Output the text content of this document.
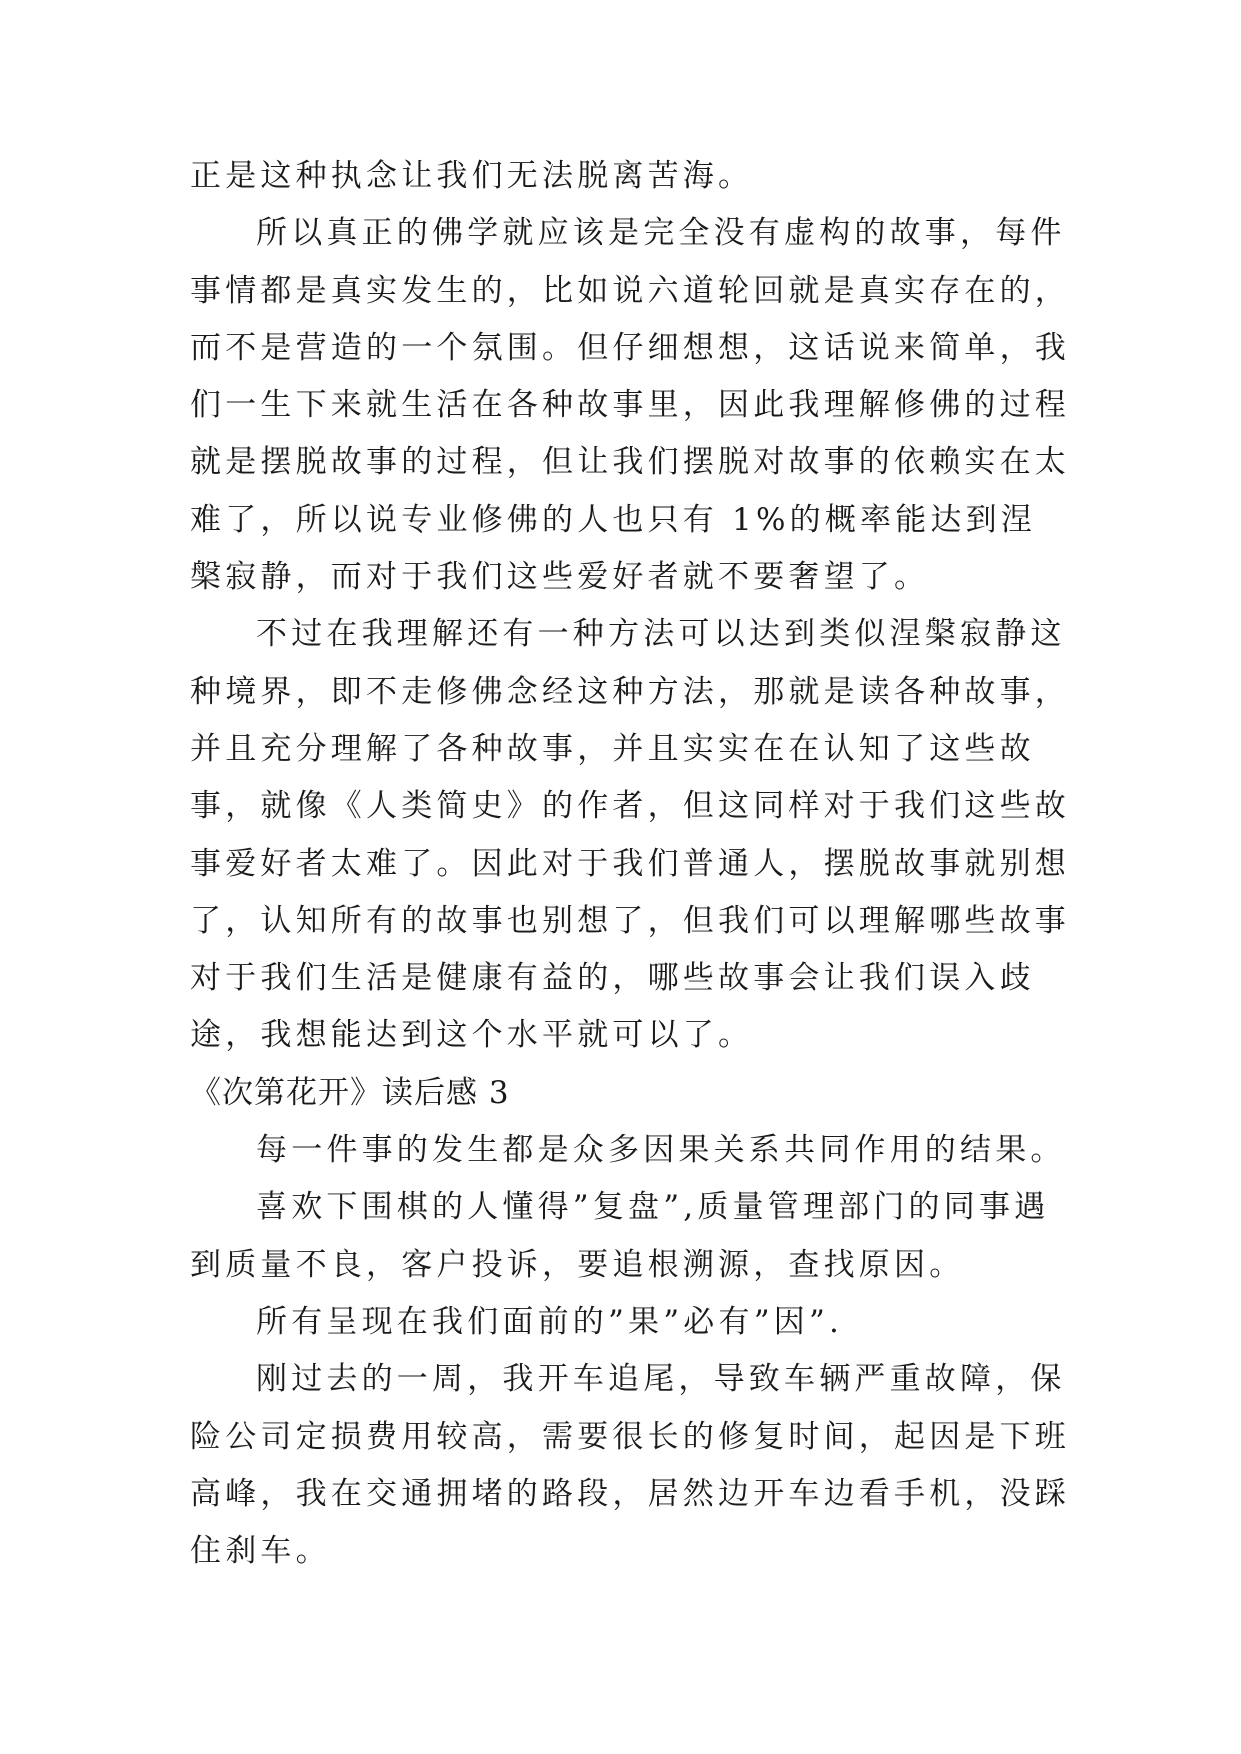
正是这种执念让我们无法脱离苦海。

所以真正的佛学就应该是完全没有虚构的故事，每件事情都是真实发生的，比如说六道轮回就是真实存在的，而不是营造的一个氛围。但仔细想想，这话说来简单，我们一生下来就生活在各种故事里，因此我理解修佛的过程就是摆脱故事的过程，但让我们摆脱对故事的依赖实在太难了，所以说专业修佛的人也只有 1%的概率能达到涅槃寂静，而对于我们这些爱好者就不要奢望了。

不过在我理解还有一种方法可以达到类似涅槃寂静这种境界，即不走修佛念经这种方法，那就是读各种故事，并且充分理解了各种故事，并且实实在在认知了这些故事，就像《人类简史》的作者，但这同样对于我们这些故事爱好者太难了。因此对于我们普通人，摆脱故事就别想了，认知所有的故事也别想了，但我们可以理解哪些故事对于我们生活是健康有益的，哪些故事会让我们误入歧途，我想能达到这个水平就可以了。

《次第花开》读后感 3

每一件事的发生都是众多因果关系共同作用的结果。

喜欢下围棋的人懂得”复盘”,质量管理部门的同事遇到质量不良，客户投诉，要追根溯源，查找原因。

所有呈现在我们面前的”果”必有”因”.

刚过去的一周，我开车追尾，导致车辆严重故障，保险公司定损费用较高，需要很长的修复时间，起因是下班高峰，我在交通拥堵的路段，居然边开车边看手机，没踩住刹车。
